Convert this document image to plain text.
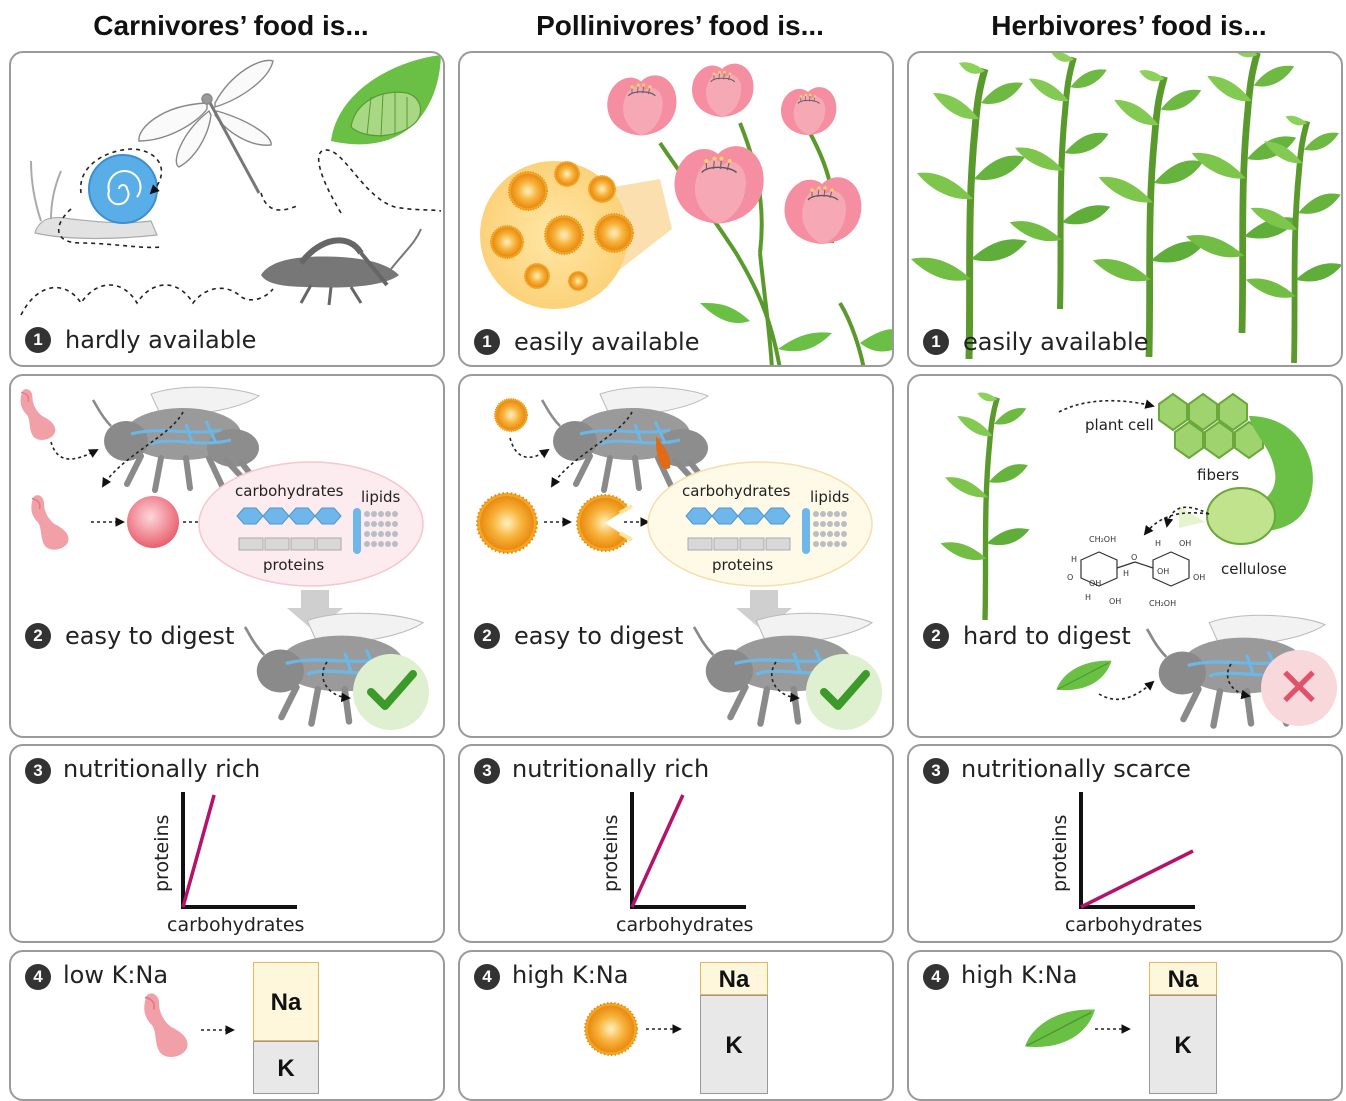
Carnivores’ food is...	Pollinivores’ food is...	Herbivores’ food is...
1 hardly available
carbohydrates lipids
proteins
2 easy to digest
3 nutritionally rich
carbohydrates
proteins
4 low K:Na
Na
K
1 easily available
carbohydrates lipids
proteins
2 easy to digest
3 nutritionally rich
carbohydrates
proteins
4 high K:Na	Na
K
1 easily available
CH₂OH
CH₂OH
OH
OH
OH
OH
OH
O
O
H
H
H
H
plant cell
fibers
cellulose
✕
2 hard to digest
3 nutritionally scarce
carbohydrates
proteins
4 high K:Na	Na
K
